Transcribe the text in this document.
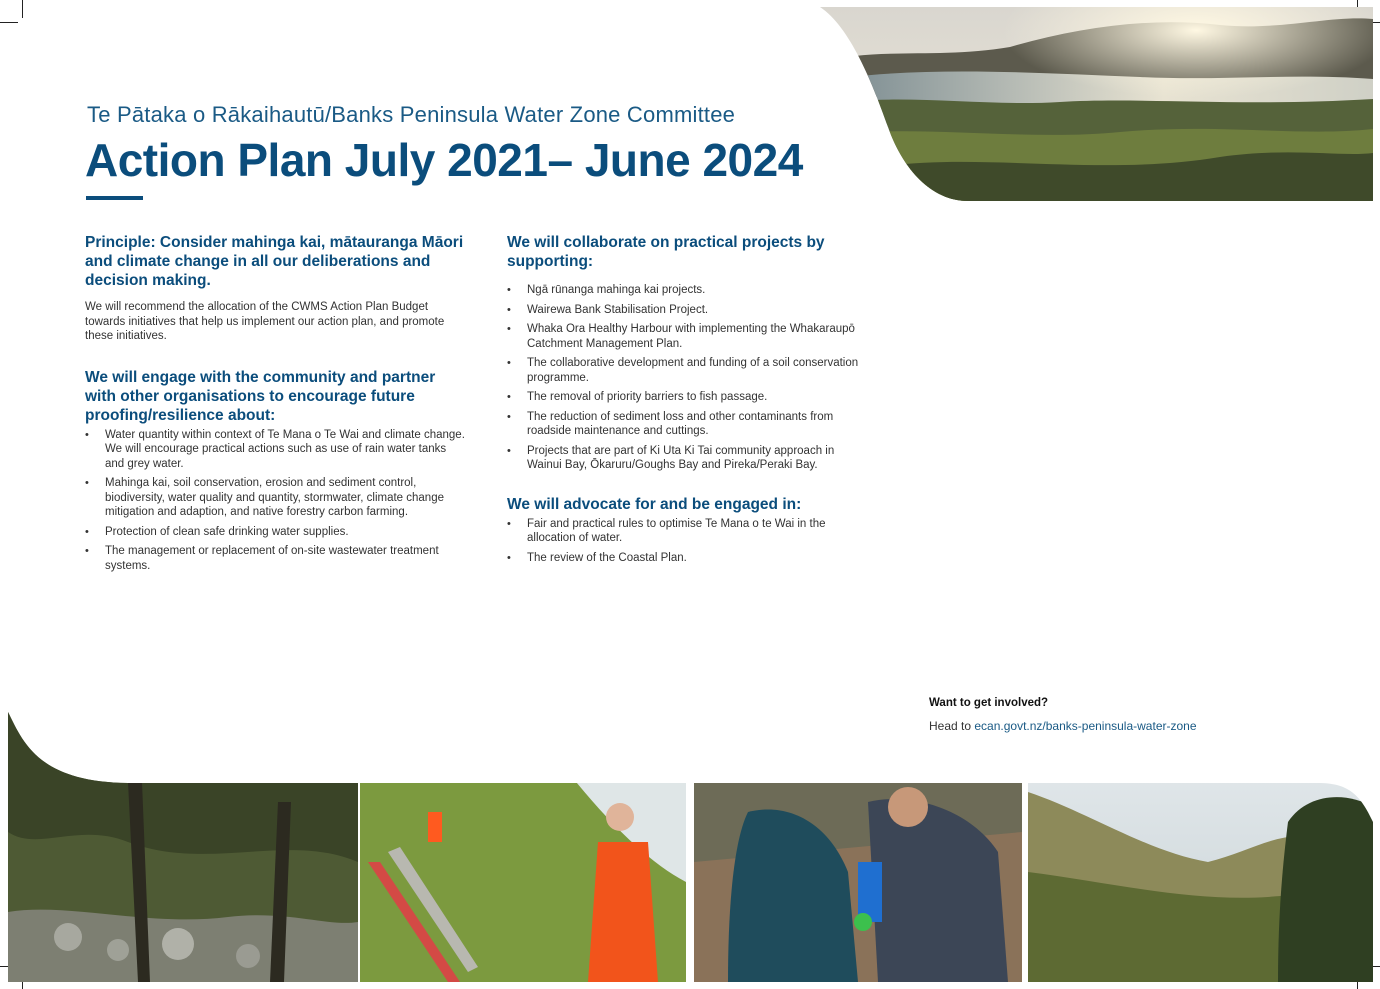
Te Pātaka o Rākaihautū/Banks Peninsula Water Zone Committee
Action Plan July 2021– June 2024
Principle: Consider mahinga kai, mātauranga Māori and climate change in all our deliberations and decision making.

We will recommend the allocation of the CWMS Action Plan Budget towards initiatives that help us implement our action plan, and promote these initiatives.

We will engage with the community and partner with other organisations to encourage future proofing/resilience about:
• Water quantity within context of Te Mana o Te Wai and climate change. We will encourage practical actions such as use of rain water tanks and grey water.
• Mahinga kai, soil conservation, erosion and sediment control, biodiversity, water quality and quantity, stormwater, climate change mitigation and adaption, and native forestry carbon farming.
• Protection of clean safe drinking water supplies.
• The management or replacement of on-site wastewater treatment systems.
We will collaborate on practical projects by supporting:
• Ngā rūnanga mahinga kai projects.
• Wairewa Bank Stabilisation Project.
• Whaka Ora Healthy Harbour with implementing the Whakaraupō Catchment Management Plan.
• The collaborative development and funding of a soil conservation programme.
• The removal of priority barriers to fish passage.
• The reduction of sediment loss and other contaminants from roadside maintenance and cuttings.
• Projects that are part of Ki Uta Ki Tai community approach in Wainui Bay, Ōkaruru/Goughs Bay and Pireka/Peraki Bay.
We will advocate for and be engaged in:
• Fair and practical rules to optimise Te Mana o te Wai in the allocation of water.
• The review of the Coastal Plan.

Want to get involved?

Head to ecan.govt.nz/banks-peninsula-water-zone
